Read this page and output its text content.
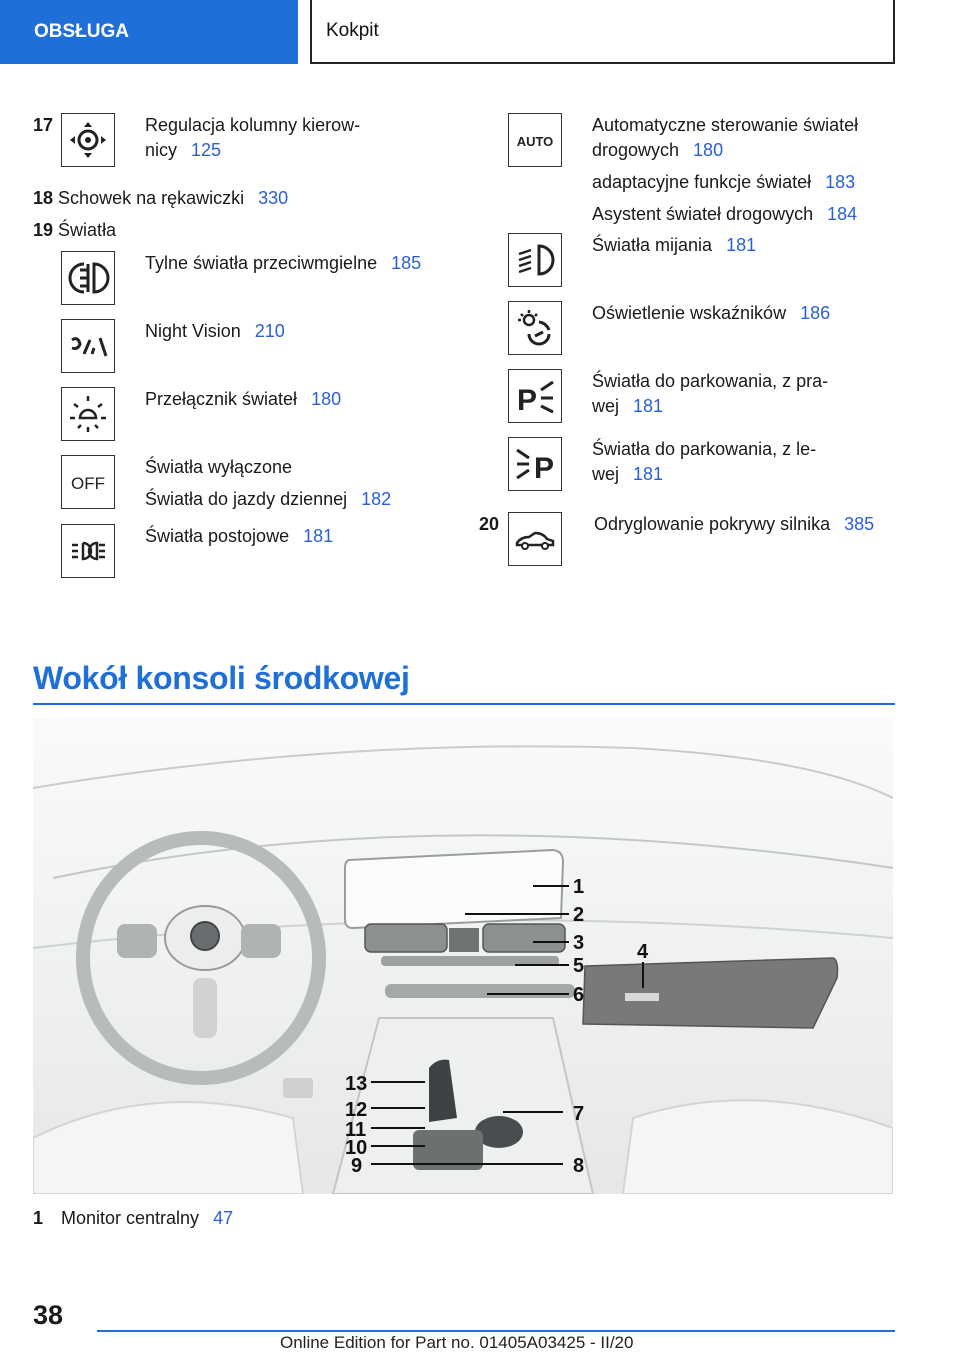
OBSŁUGA	Kokpit
17	Regulacja kolumny kierow-
nicy 125
18 Schowek na rękawiczki 330
19 Światła
Tylne światła przeciwmgielne 185
Night Vision 210
Przełącznik świateł 180
OFF
Światła wyłączone
Światła do jazdy dziennej 182
Światła postojowe 181
AUTO
Automatyczne sterowanie świateł
drogowych 180
adaptacyjne funkcje świateł 183
Asystent świateł drogowych 184
Światła mijania 181
Oświetlenie wskaźników 186
P
Światła do parkowania, z pra-
wej 181
P
Światła do parkowania, z le-
wej 181
20	Odryglowanie pokrywy silnika 385
Wokół konsoli środkowej
1
2
3
5
6
4
13
12
11
10
9
7
8
1 Monitor centralny 47
38
Online Edition for Part no. 01405A03425 - II/20
